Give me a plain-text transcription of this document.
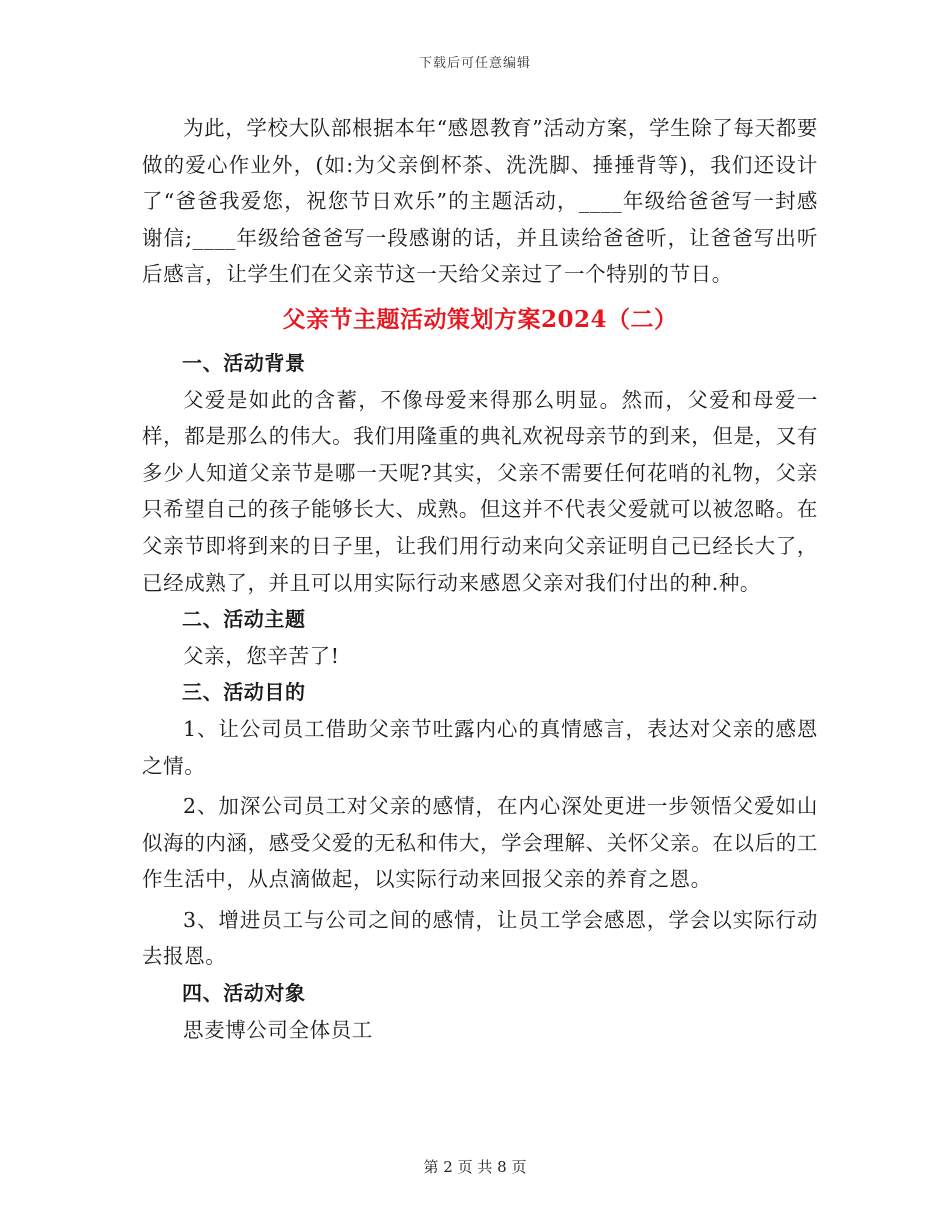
下载后可任意编辑

为此，学校大队部根据本年“感恩教育”活动方案，学生除了每天都要做的爱心作业外，(如:为父亲倒杯茶、洗洗脚、捶捶背等)，我们还设计了“爸爸我爱您，祝您节日欢乐”的主题活动，____年级给爸爸写一封感谢信;____年级给爸爸写一段感谢的话，并且读给爸爸听，让爸爸写出听后感言，让学生们在父亲节这一天给父亲过了一个特别的节日。

父亲节主题活动策划方案2024（二）

一、活动背景

父爱是如此的含蓄，不像母爱来得那么明显。然而，父爱和母爱一样，都是那么的伟大。我们用隆重的典礼欢祝母亲节的到来，但是，又有多少人知道父亲节是哪一天呢?其实，父亲不需要任何花哨的礼物，父亲只希望自己的孩子能够长大、成熟。但这并不代表父爱就可以被忽略。在父亲节即将到来的日子里，让我们用行动来向父亲证明自己已经长大了，已经成熟了，并且可以用实际行动来感恩父亲对我们付出的种.种。

二、活动主题

父亲，您辛苦了!

三、活动目的

1、让公司员工借助父亲节吐露内心的真情感言，表达对父亲的感恩之情。

2、加深公司员工对父亲的感情，在内心深处更进一步领悟父爱如山似海的内涵，感受父爱的无私和伟大，学会理解、关怀父亲。在以后的工作生活中，从点滴做起，以实际行动来回报父亲的养育之恩。

3、增进员工与公司之间的感情，让员工学会感恩，学会以实际行动去报恩。

四、活动对象

思麦博公司全体员工

第 2 页 共 8 页
